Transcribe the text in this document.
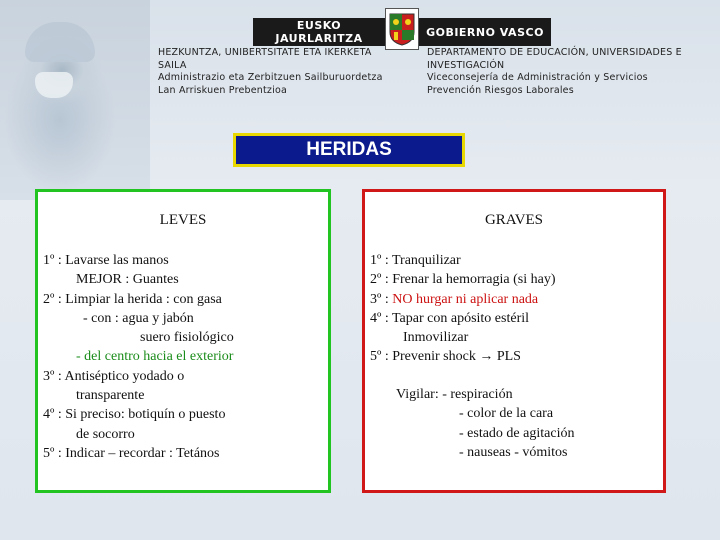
EUSKO JAURLARITZA	GOBIERNO VASCO
HEZKUNTZA, UNIBERTSITATE ETA IKERKETA
SAILA
Administrazio eta Zerbitzuen Sailburuordetza
Lan Arriskuen Prebentzioa
DEPARTAMENTO DE EDUCACIÓN, UNIVERSIDADES E
INVESTIGACIÓN
Viceconsejería de Administración y Servicios
Prevención Riesgos Laborales
HERIDAS
LEVES
1º : Lavarse las manos
MEJOR : Guantes
2º : Limpiar la herida : con gasa
- con : agua y jabón
suero fisiológico
- del centro hacia el exterior
3º : Antiséptico yodado o
transparente
4º : Si preciso: botiquín o puesto
de socorro
5º : Indicar – recordar : Tetános
GRAVES
1º : Tranquilizar
2º : Frenar la hemorragia (si hay)
3º : NO hurgar ni aplicar nada
4º : Tapar con apósito estéril
Inmovilizar
5º : Prevenir shock → PLS
Vigilar: - respiración
- color de la cara
- estado de agitación
- nauseas - vómitos
